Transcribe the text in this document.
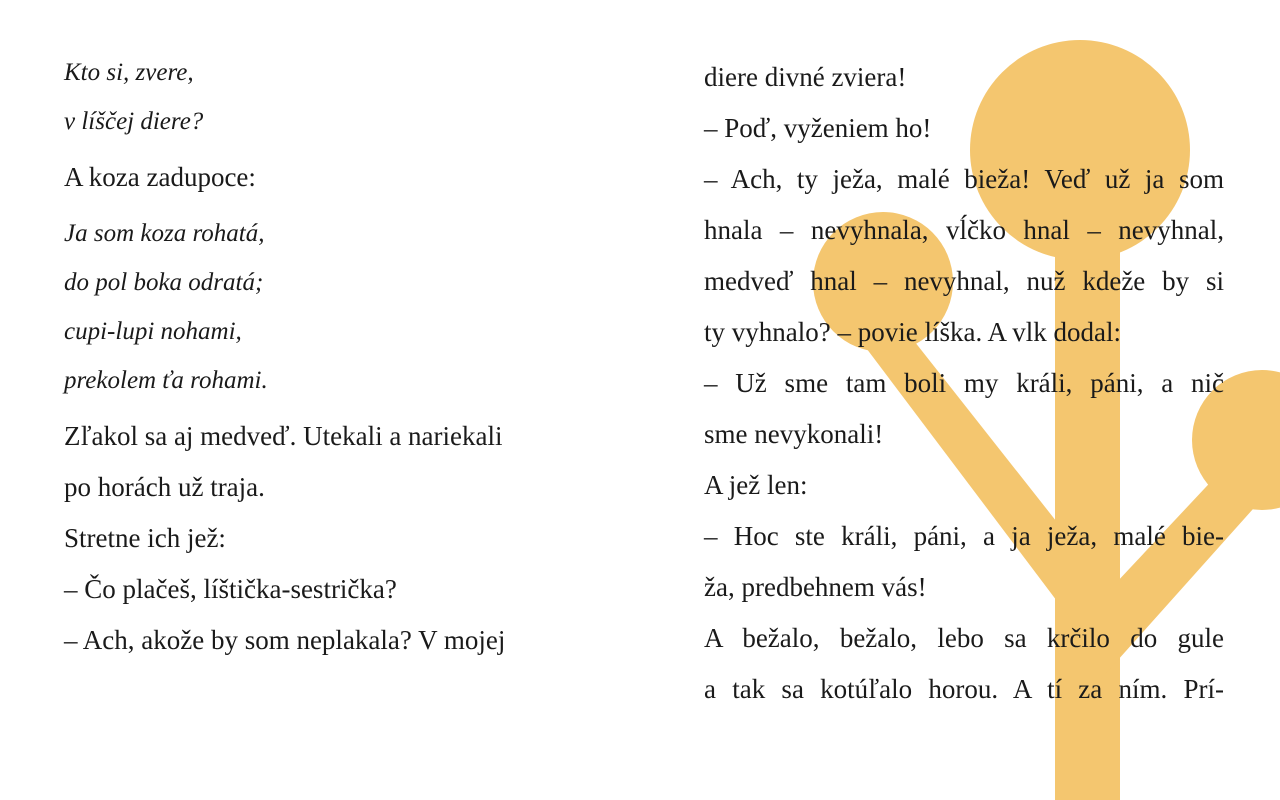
Kto si, zvere,
v líščej diere?
A koza zadupoce:
Ja som koza rohatá,
do pol boka odratá;
cupi-lupi nohami,
prekolem ťa rohami.
Zľakol sa aj medveď. Utekali a nariekali
po horách už traja.
Stretne ich jež:
– Čo plačeš, líštička-sestrička?
– Ach, akože by som neplakala? V mojej
diere divné zviera!
– Poď, vyženiem ho!
– Ach, ty ježa, malé bieža! Veď už ja som
hnala – nevyhnala, vĺčko hnal – nevyhnal,
medveď hnal – nevyhnal, nuž kdeže by si
ty vyhnalo? – povie líška. A vlk dodal:
– Už sme tam boli my králi, páni, a nič
sme nevykonali!
A jež len:
– Hoc ste králi, páni, a ja ježa, malé bie-
ža, predbehnem vás!
A bežalo, bežalo, lebo sa krčilo do gule
a tak sa kotúľalo horou. A tí za ním. Prí-
